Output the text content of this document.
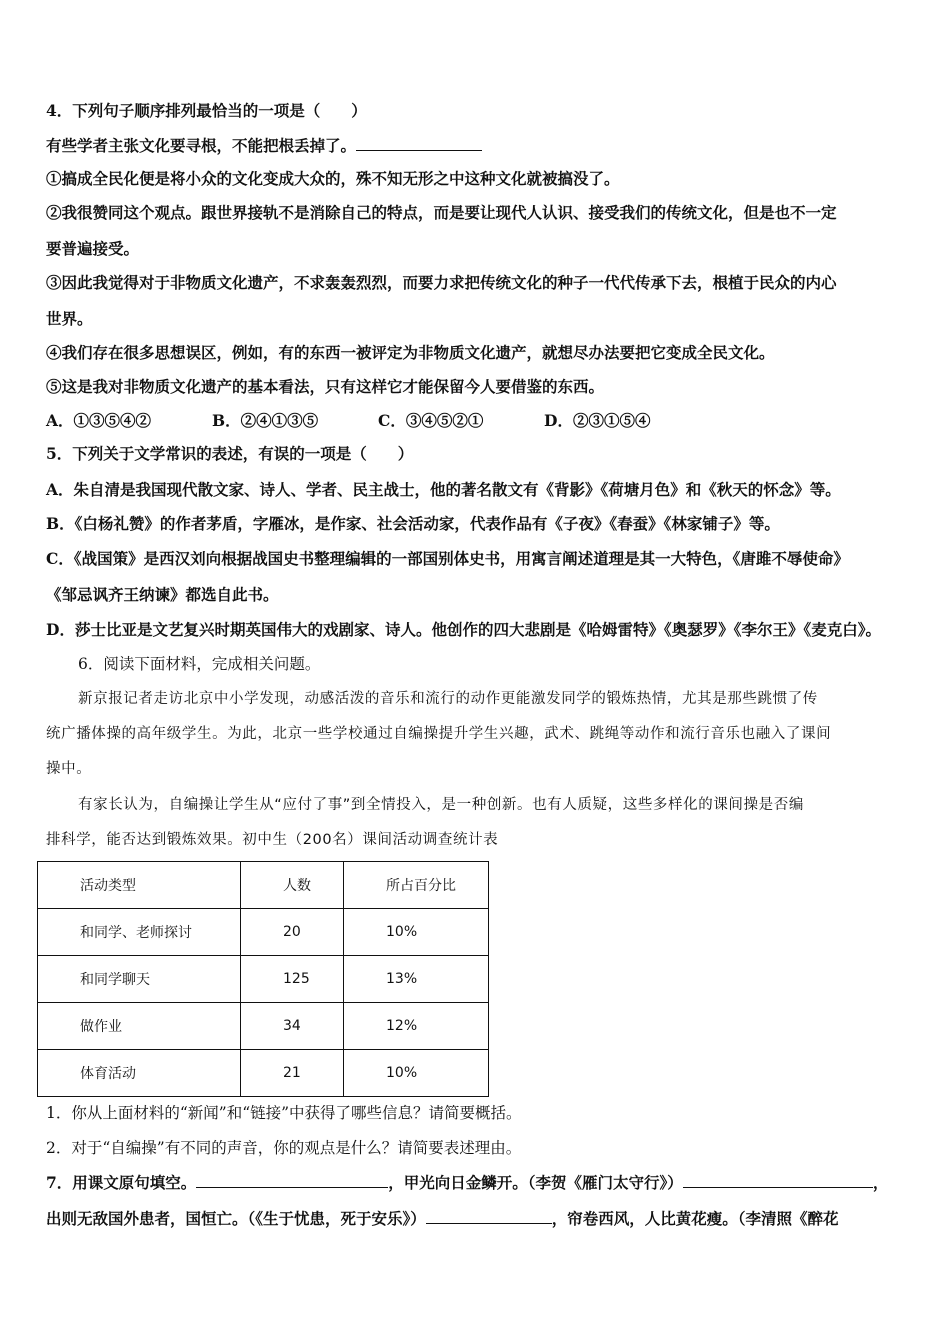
4．下列句子顺序排列最恰当的一项是（　　）
有些学者主张文化要寻根，不能把根丢掉了。
①搞成全民化便是将小众的文化变成大众的，殊不知无形之中这种文化就被搞没了。
②我很赞同这个观点。跟世界接轨不是消除自己的特点，而是要让现代人认识、接受我们的传统文化，但是也不一定
要普遍接受。
③因此我觉得对于非物质文化遗产，不求轰轰烈烈，而要力求把传统文化的种子一代代传承下去，根植于民众的内心
世界。
④我们存在很多思想误区，例如，有的东西一被评定为非物质文化遗产，就想尽办法要把它变成全民文化。
⑤这是我对非物质文化遗产的基本看法，只有这样它才能保留今人要借鉴的东西。
A．①③⑤④②	B．②④①③⑤	C．③④⑤②①	D．②③①⑤④
5．下列关于文学常识的表述，有误的一项是（　　）
A．朱自清是我国现代散文家、诗人、学者、民主战士，他的著名散文有《背影》《荷塘月色》和《秋天的怀念》等。
B．《白杨礼赞》的作者茅盾，字雁冰，是作家、社会活动家，代表作品有《子夜》《春蚕》《林家铺子》等。
C．《战国策》是西汉刘向根据战国史书整理编辑的一部国别体史书，用寓言阐述道理是其一大特色，《唐雎不辱使命》
《邹忌讽齐王纳谏》都选自此书。
D．莎士比亚是文艺复兴时期英国伟大的戏剧家、诗人。他创作的四大悲剧是《哈姆雷特》《奥瑟罗》《李尔王》《麦克白》。
6．阅读下面材料，完成相关问题。
新京报记者走访北京中小学发现，动感活泼的音乐和流行的动作更能激发同学的锻炼热情，尤其是那些跳惯了传
统广播体操的高年级学生。为此，北京一些学校通过自编操提升学生兴趣，武术、跳绳等动作和流行音乐也融入了课间
操中。
有家长认为，自编操让学生从“应付了事”到全情投入，是一种创新。也有人质疑，这些多样化的课间操是否编
排科学，能否达到锻炼效果。初中生（200名）课间活动调查统计表
活动类型	人数	所占百分比
和同学、老师探讨	20	10%
和同学聊天	125	13%
做作业	34	12%
体育活动	21	10%
1．你从上面材料的“新闻”和“链接”中获得了哪些信息？请简要概括。
2．对于“自编操”有不同的声音，你的观点是什么？请简要表述理由。
7．用课文原句填空。	，甲光向日金鳞开。（李贺《雁门太守行》）	，
出则无敌国外患者，国恒亡。（《生于忧患，死于安乐》）	，帘卷西风，人比黄花瘦。（李清照《醉花
